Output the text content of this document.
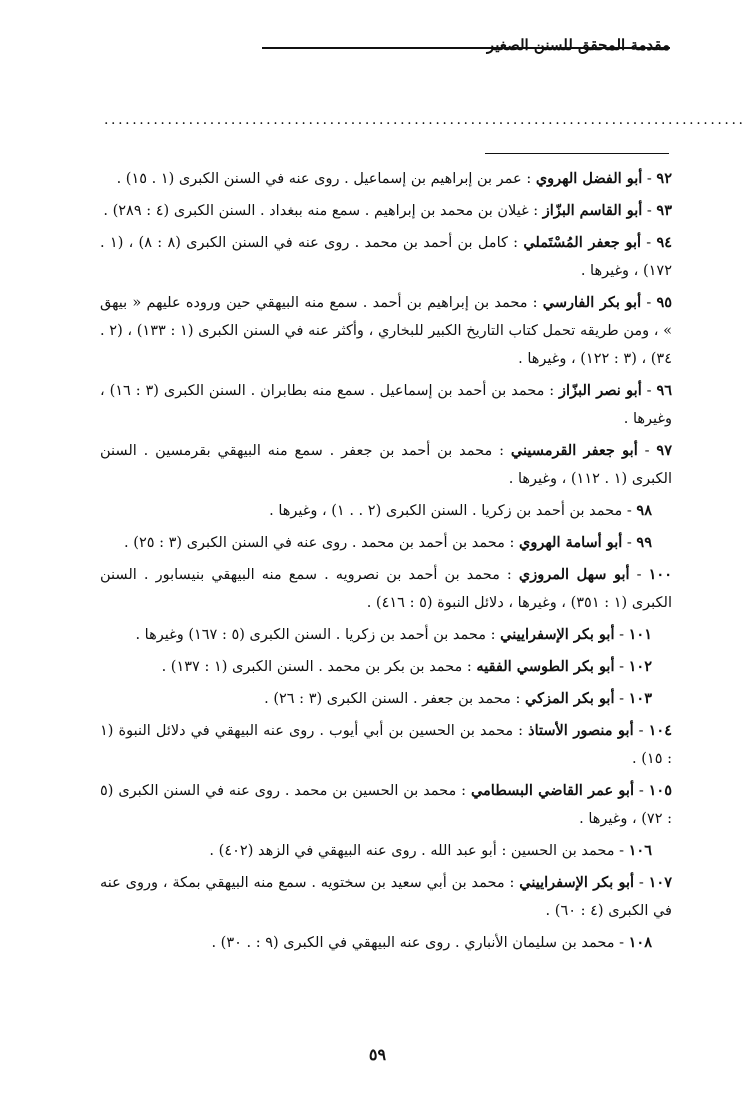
مقدمة المحقق للسنن الصغير
...........................................................................................

٩٢ - أبو الفضل الهروي : عمر بن إبراهيم بن إسماعيل . روى عنه في السنن الكبرى (١ . ١٥) .

٩٣ - أبو القاسم البزّاز : غيلان بن محمد بن إبراهيم . سمع منه ببغداد . السنن الكبرى (٤ : ٢٨٩) .

٩٤ - أبو جعفر المُسْتَملي : كامل بن أحمد بن محمد . روى عنه في السنن الكبرى (٨ : ٨) ، (١ . ١٧٢) ، وغيرها .

٩٥ - أبو بكر الفارسي : محمد بن إبراهيم بن أحمد . سمع منه البيهقي حين وروده عليهم « بيهق » ، ومن طريقه تحمل كتاب التاريخ الكبير للبخاري ، وأكثر عنه في السنن الكبرى (١ : ١٣٣) ، (٢ . ٣٤) ، (٣ : ١٢٢) ، وغيرها .

٩٦ - أبو نصر البزّاز : محمد بن أحمد بن إسماعيل . سمع منه بطابران . السنن الكبرى (٣ : ١٦) ، وغيرها .

٩٧ - أبو جعفر القرمسيني : محمد بن أحمد بن جعفر . سمع منه البيهقي بقرمسين . السنن الكبرى (١ . ١١٢) ، وغيرها .

٩٨ - محمد بن أحمد بن زكريا . السنن الكبرى (٢ . . ١) ، وغيرها .

٩٩ - أبو أسامة الهروي : محمد بن أحمد بن محمد . روى عنه في السنن الكبرى (٣ : ٢٥) .

١٠٠ - أبو سهل المروزي : محمد بن أحمد بن نصرويه . سمع منه البيهقي بنيسابور . السنن الكبرى (١ : ٣٥١) ، وغيرها ، دلائل النبوة (٥ : ٤١٦) .

١٠١ - أبو بكر الإسفراييني : محمد بن أحمد بن زكريا . السنن الكبرى (٥ : ١٦٧) وغيرها .

١٠٢ - أبو بكر الطوسي الفقيه : محمد بن بكر بن محمد . السنن الكبرى (١ : ١٣٧) .

١٠٣ - أبو بكر المزكي : محمد بن جعفر . السنن الكبرى (٣ : ٢٦) .

١٠٤ - أبو منصور الأستاذ : محمد بن الحسين بن أبي أيوب . روى عنه البيهقي في دلائل النبوة (١ : ١٥) .

١٠٥ - أبو عمر القاضي البسطامي : محمد بن الحسين بن محمد . روى عنه في السنن الكبرى (٥ : ٧٢) ، وغيرها .

١٠٦ - محمد بن الحسين : أبو عبد الله . روى عنه البيهقي في الزهد (٤٠٢) .

١٠٧ - أبو بكر الإسفراييني : محمد بن أبي سعيد بن سختويه . سمع منه البيهقي بمكة ، وروى عنه في الكبرى (٤ : ٦٠) .

١٠٨ - محمد بن سليمان الأنباري . روى عنه البيهقي في الكبرى (٩ : . ٣٠) .

٥٩
